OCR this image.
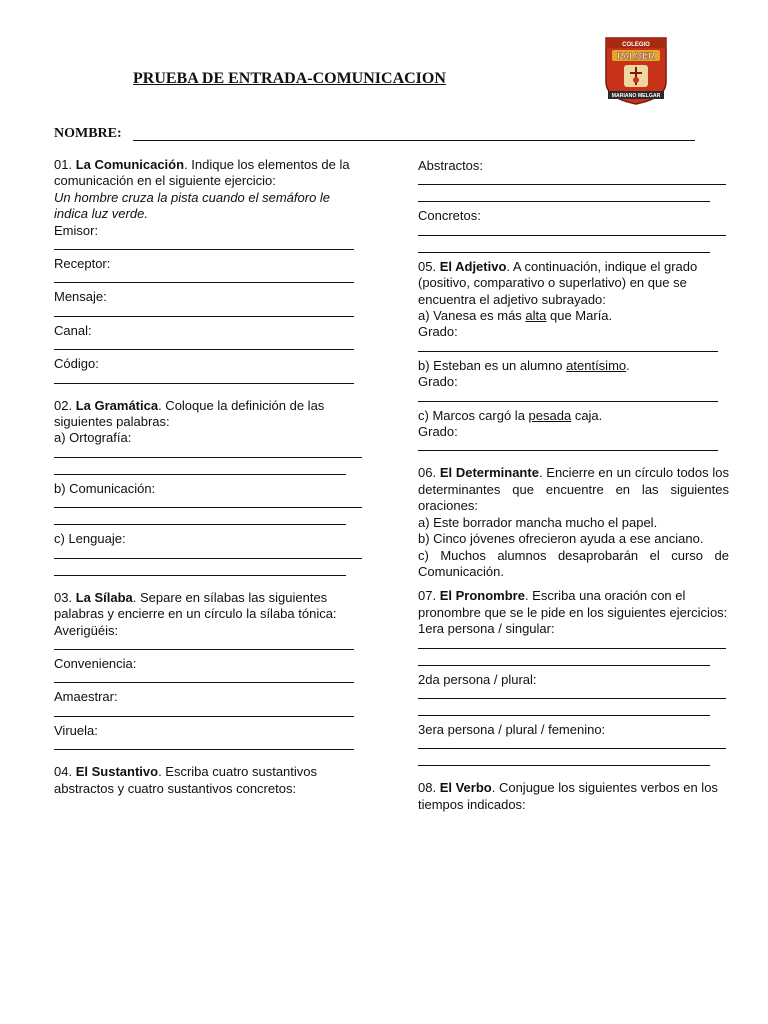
PRUEBA DE ENTRADA-COMUNICACION
COLEGIO
PALMER
MARIANO MELGAR
NOMBRE:

01. La Comunicación. Indique los elementos de la comunicación en el siguiente ejercicio:

Un hombre cruza la pista cuando el semáforo le indica luz verde.

Emisor:

Receptor:

Mensaje:

Canal:

Código:

02. La Gramática. Coloque la definición de las siguientes palabras:

a) Ortografía:

b) Comunicación:

c) Lenguaje:

03. La Sílaba. Separe en sílabas las siguientes palabras y encierre en un círculo la sílaba tónica:

Averigüéis:

Conveniencia:

Amaestrar:

Viruela:

04. El Sustantivo. Escriba cuatro sustantivos abstractos y cuatro sustantivos concretos:

Abstractos:

Concretos:

05. El Adjetivo. A continuación, indique el grado (positivo, comparativo o superlativo) en que se encuentra el adjetivo subrayado:

a) Vanesa es más alta que María.

Grado:

b) Esteban es un alumno atentísimo.

Grado:

c) Marcos cargó la pesada caja.

Grado:

06. El Determinante. Encierre en un círculo todos los determinantes que encuentre en las siguientes oraciones:

a) Este borrador mancha mucho el papel.

b) Cinco jóvenes ofrecieron ayuda a ese anciano.

c) Muchos alumnos desaprobarán el curso de Comunicación.

07. El Pronombre. Escriba una oración con el pronombre que se le pide en los siguientes ejercicios:

1era persona / singular:

2da persona / plural:

3era persona / plural / femenino:

08. El Verbo. Conjugue los siguientes verbos en los tiempos indicados:
